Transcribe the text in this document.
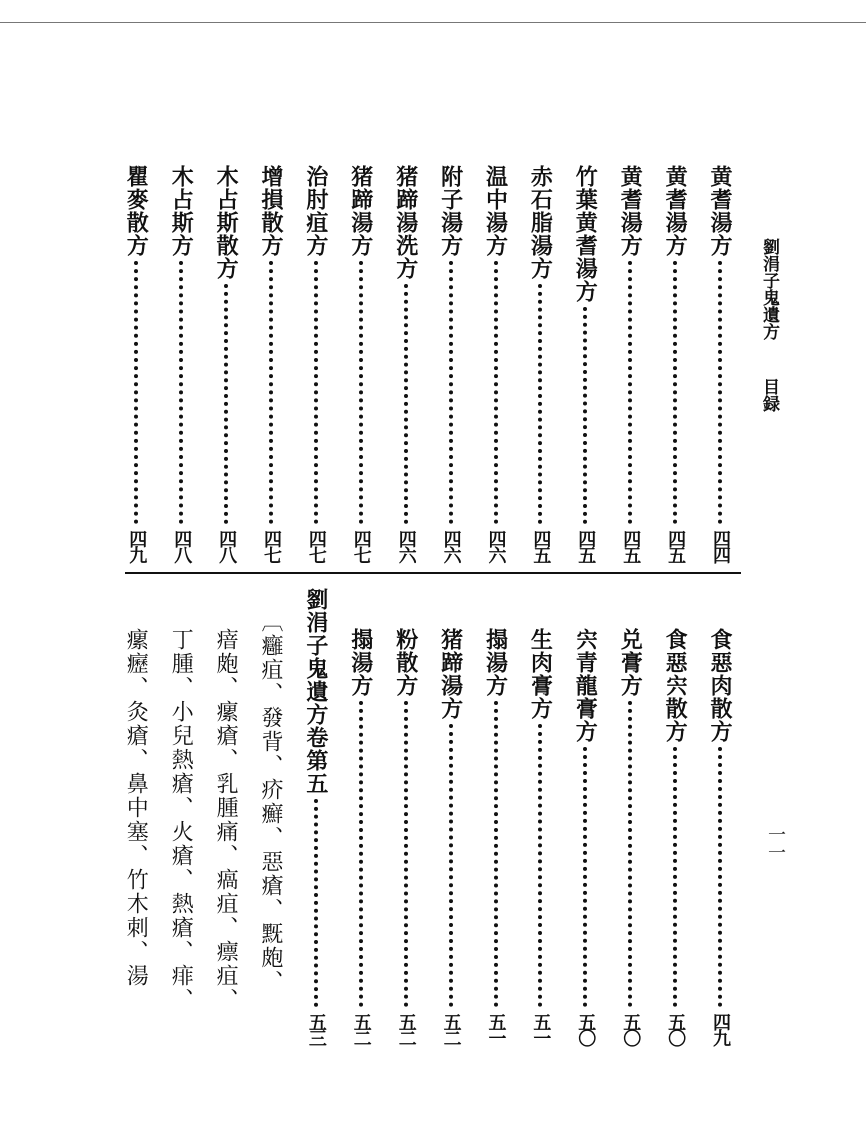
劉涓子鬼遺方
目録
一一
黄耆湯方
四四
黄耆湯方
四五
黄耆湯方
四五
竹葉黄耆湯方
四五
赤石脂湯方
四五
温中湯方
四六
附子湯方
四六
猪蹄湯洗方
四六
猪蹄湯方
四七
治肘疽方
四七
增損散方
四七
木占斯散方
四八
木占斯方
四八
瞿麥散方
四九
食惡肉散方
四九
食惡宍散方
五〇
兑膏方
五〇
宍青龍膏方
五〇
生肉膏方
五一
搨湯方
五一
猪蹄湯方
五二
粉散方
五二
搨湯方
五二
劉涓子鬼遺方卷第五
五三
〔癰疽、發背、疥癬、惡瘡、黖皰、
瘖皰、瘰瘡、乳腫痛、瘑疽、瘭疽、
丁腫、小兒熱瘡、火瘡、熱瘡、痱、
瘰癧、灸瘡、鼻中塞、竹木刺、湯
